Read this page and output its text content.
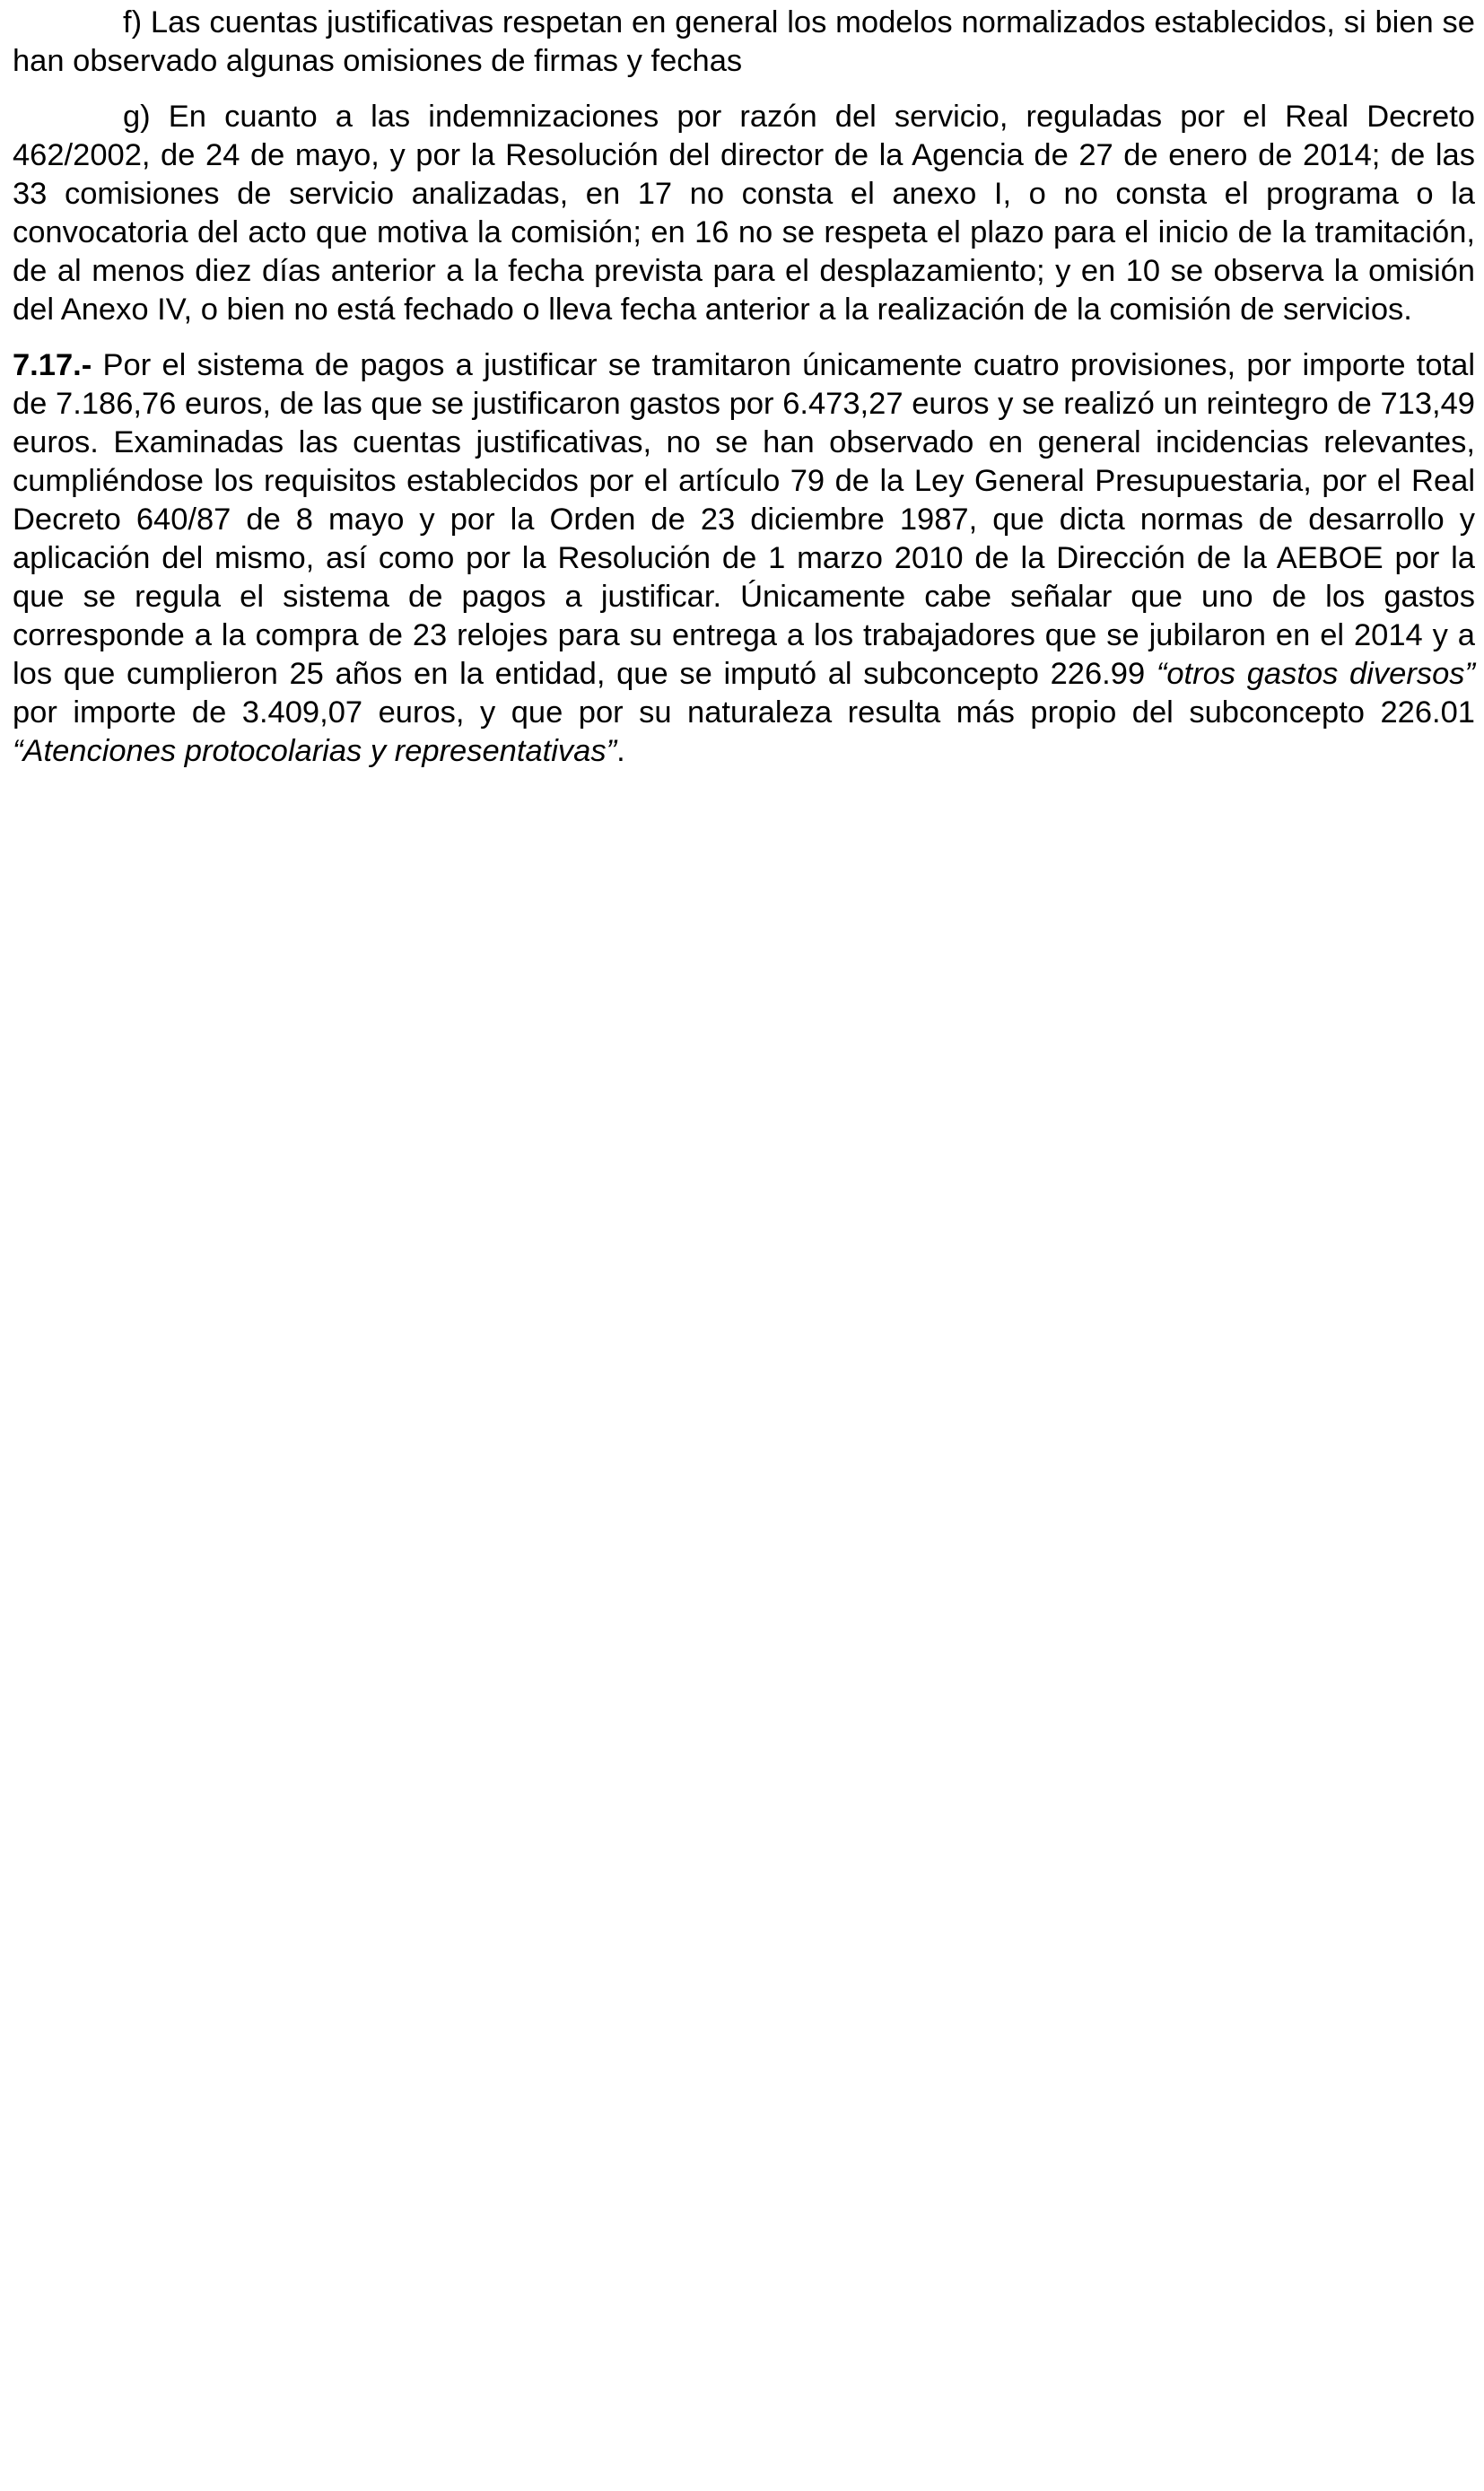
f) Las cuentas justificativas respetan en general los modelos normalizados establecidos, si bien se han observado algunas omisiones de firmas y fechas

g) En cuanto a las indemnizaciones por razón del servicio, reguladas por el Real Decreto 462/2002, de 24 de mayo, y por la Resolución del director de la Agencia de 27 de enero de 2014; de las 33 comisiones de servicio analizadas, en 17 no consta el anexo I, o no consta el programa o la convocatoria del acto que motiva la comisión; en 16 no se respeta el plazo para el inicio de la tramitación, de al menos diez días anterior a la fecha prevista para el desplazamiento; y en 10 se observa la omisión del Anexo IV, o bien no está fechado o lleva fecha anterior a la realización de la comisión de servicios.

7.17.- Por el sistema de pagos a justificar se tramitaron únicamente cuatro provisiones, por importe total de 7.186,76 euros, de las que se justificaron gastos por 6.473,27 euros y se realizó un reintegro de 713,49 euros. Examinadas las cuentas justificativas, no se han observado en general incidencias relevantes, cumpliéndose los requisitos establecidos por el artículo 79 de la Ley General Presupuestaria, por el Real Decreto 640/87 de 8 mayo y por la Orden de 23 diciembre 1987, que dicta normas de desarrollo y aplicación del mismo, así como por la Resolución de 1 marzo 2010 de la Dirección de la AEBOE por la que se regula el sistema de pagos a justificar. Únicamente cabe señalar que uno de los gastos corresponde a la compra de 23 relojes para su entrega a los trabajadores que se jubilaron en el 2014 y a los que cumplieron 25 años en la entidad, que se imputó al subconcepto 226.99 “otros gastos diversos” por importe de 3.409,07 euros, y que por su naturaleza resulta más propio del subconcepto 226.01 “Atenciones protocolarias y representativas”.
